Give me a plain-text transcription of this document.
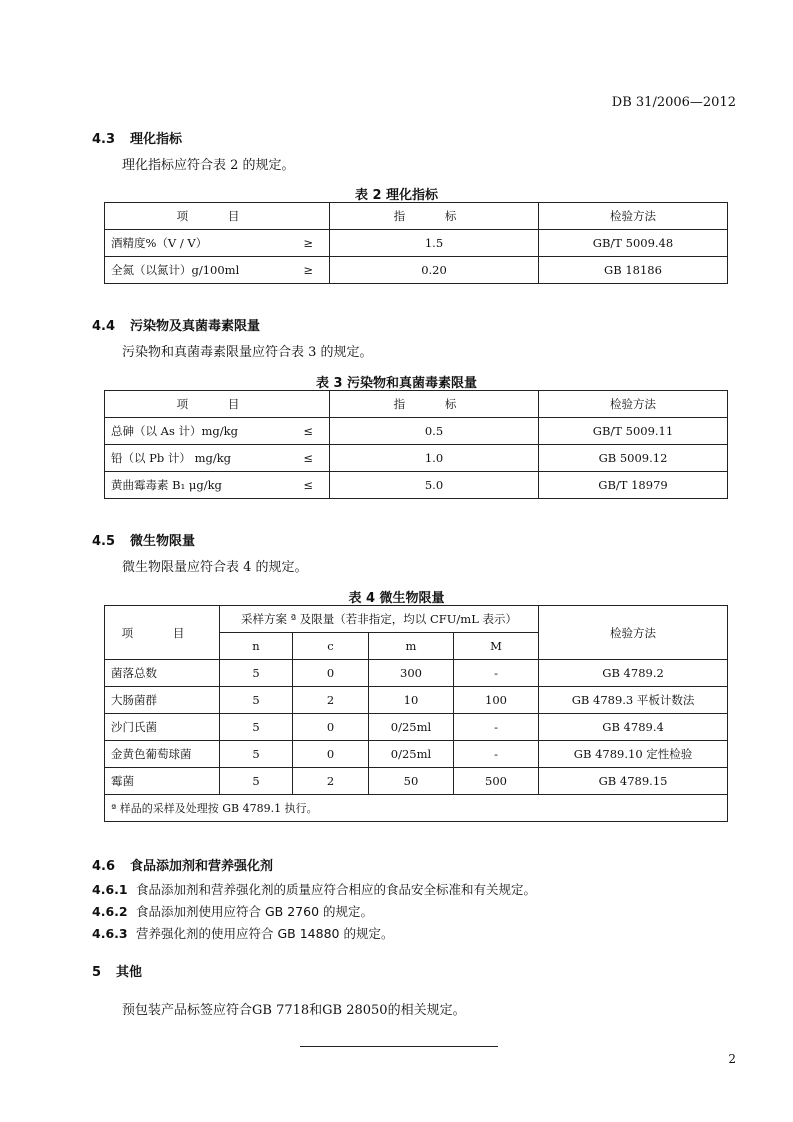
DB 31/2006—2012
4.3 理化指标
理化指标应符合表 2 的规定。
表 2 理化指标
项 目	指 标	检验方法

酒精度%（V / V） ≥	1.5	GB/T 5009.48

全氮（以氮计）g/100ml ≥	0.20	GB 18186
4.4 污染物及真菌毒素限量
污染物和真菌毒素限量应符合表 3 的规定。
表 3 污染物和真菌毒素限量
项 目	指 标	检验方法

总砷（以 As 计）mg/kg ≤	0.5	GB/T 5009.11

铅（以 Pb 计） mg/kg ≤	1.0	GB 5009.12

黄曲霉毒素 B₁ μg/kg ≤	5.0	GB/T 18979
4.5 微生物限量
微生物限量应符合表 4 的规定。
表 4 微生物限量
项 目	采样方案 ª 及限量（若非指定，均以 CFU/mL 表示）				检验方法
	n	c	m	M	
菌落总数	5	0	300	-	GB 4789.2
大肠菌群	5	2	10	100	GB 4789.3 平板计数法
沙门氏菌	5	0	0/25ml	-	GB 4789.4
金黄色葡萄球菌	5	0	0/25ml	-	GB 4789.10 定性检验
霉菌	5	2	50	500	GB 4789.15
ª 样品的采样及处理按 GB 4789.1 执行。					
4.6 食品添加剂和营养强化剂
4.6.1 食品添加剂和营养强化剂的质量应符合相应的食品安全标准和有关规定。
4.6.2 食品添加剂使用应符合 GB 2760 的规定。
4.6.3 营养强化剂的使用应符合 GB 14880 的规定。
5 其他
预包装产品标签应符合GB 7718和GB 28050的相关规定。
2
